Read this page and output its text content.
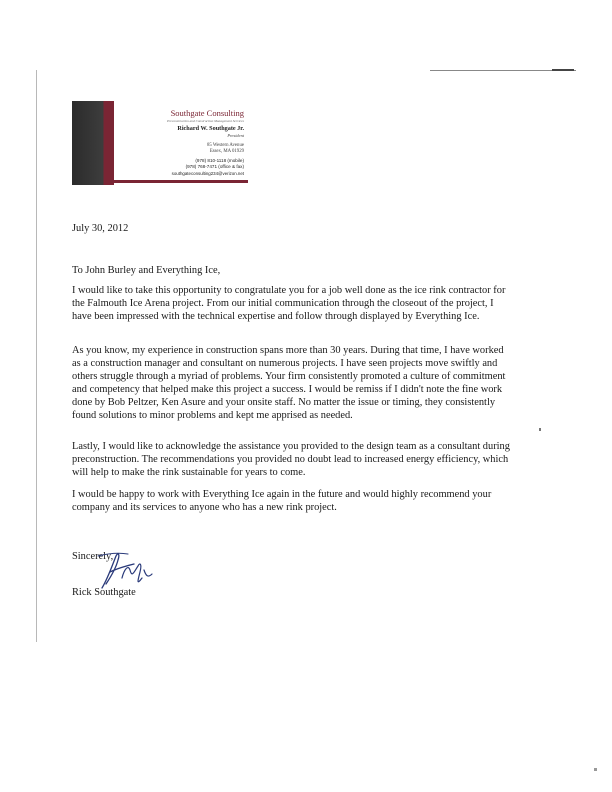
Southgate Consulting
Preconstruction and Construction Management Services
Richard W. Southgate Jr.
President
85 Western Avenue
Essex, MA 01929
(978) 810-1118 (mobile)
(978) 768-7471 (office & fax)
southgateconsulting234@verizon.net
July 30, 2012
To John Burley and Everything Ice,
I would like to take this opportunity to congratulate you for a job well done as the ice rink contractor for the Falmouth Ice Arena project. From our initial communication through the closeout of the project, I have been impressed with the technical expertise and follow through displayed by Everything Ice.
As you know, my experience in construction spans more than 30 years. During that time, I have worked as a construction manager and consultant on numerous projects. I have seen projects move swiftly and others struggle through a myriad of problems. Your firm consistently promoted a culture of commitment and competency that helped make this project a success. I would be remiss if I didn't note the fine work done by Bob Peltzer, Ken Asure and your onsite staff. No matter the issue or timing, they consistently found solutions to minor problems and kept me apprised as needed.
Lastly, I would like to acknowledge the assistance you provided to the design team as a consultant during preconstruction. The recommendations you provided no doubt lead to increased energy efficiency, which will help to make the rink sustainable for years to come.
I would be happy to work with Everything Ice again in the future and would highly recommend your company and its services to anyone who has a new rink project.
Sincerely,
Rick Southgate
